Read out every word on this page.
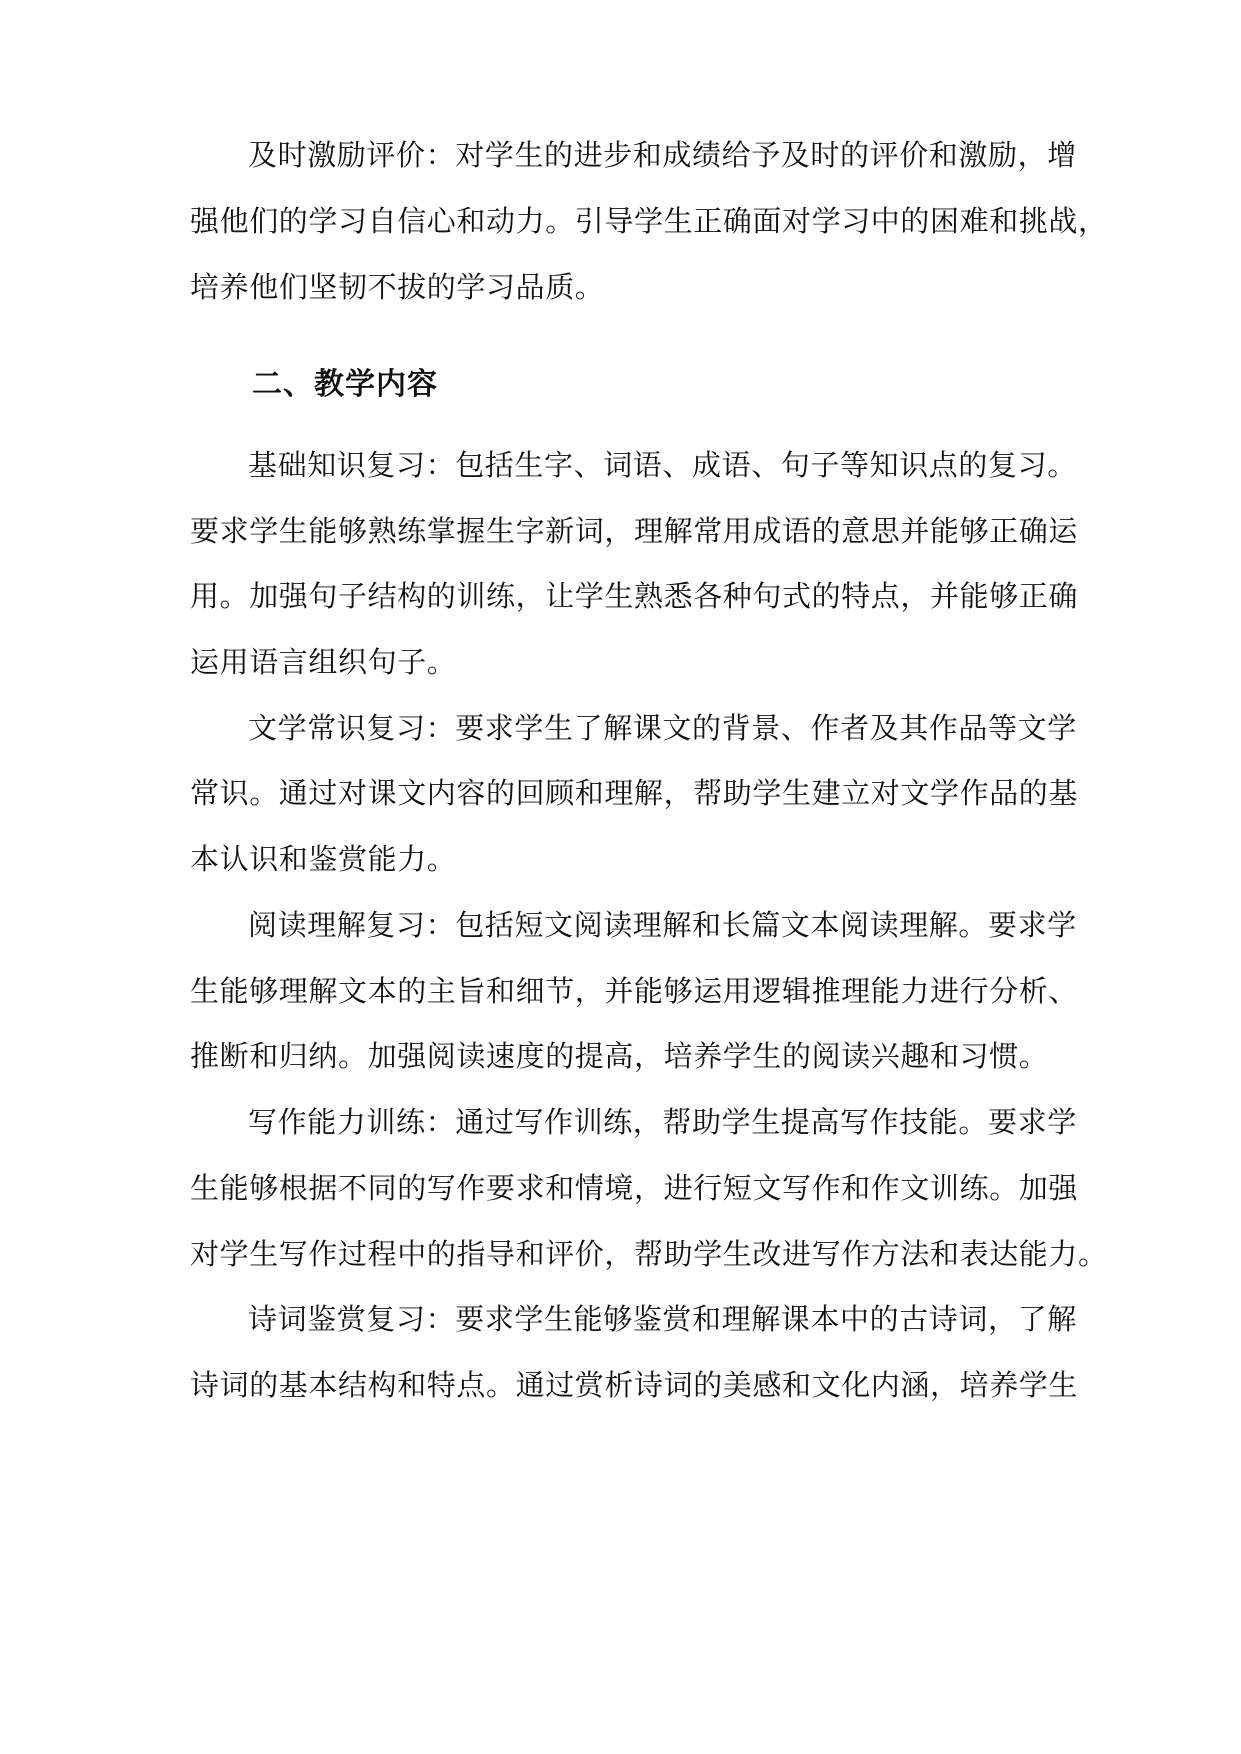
及时激励评价：对学生的进步和成绩给予及时的评价和激励，增
强他们的学习自信心和动力。引导学生正确面对学习中的困难和挑战，
培养他们坚韧不拔的学习品质。
二、教学内容
基础知识复习：包括生字、词语、成语、句子等知识点的复习。
要求学生能够熟练掌握生字新词，理解常用成语的意思并能够正确运
用。加强句子结构的训练，让学生熟悉各种句式的特点，并能够正确
运用语言组织句子。
文学常识复习：要求学生了解课文的背景、作者及其作品等文学
常识。通过对课文内容的回顾和理解，帮助学生建立对文学作品的基
本认识和鉴赏能力。
阅读理解复习：包括短文阅读理解和长篇文本阅读理解。要求学
生能够理解文本的主旨和细节，并能够运用逻辑推理能力进行分析、
推断和归纳。加强阅读速度的提高，培养学生的阅读兴趣和习惯。
写作能力训练：通过写作训练，帮助学生提高写作技能。要求学
生能够根据不同的写作要求和情境，进行短文写作和作文训练。加强
对学生写作过程中的指导和评价，帮助学生改进写作方法和表达能力。
诗词鉴赏复习：要求学生能够鉴赏和理解课本中的古诗词，了解
诗词的基本结构和特点。通过赏析诗词的美感和文化内涵，培养学生
